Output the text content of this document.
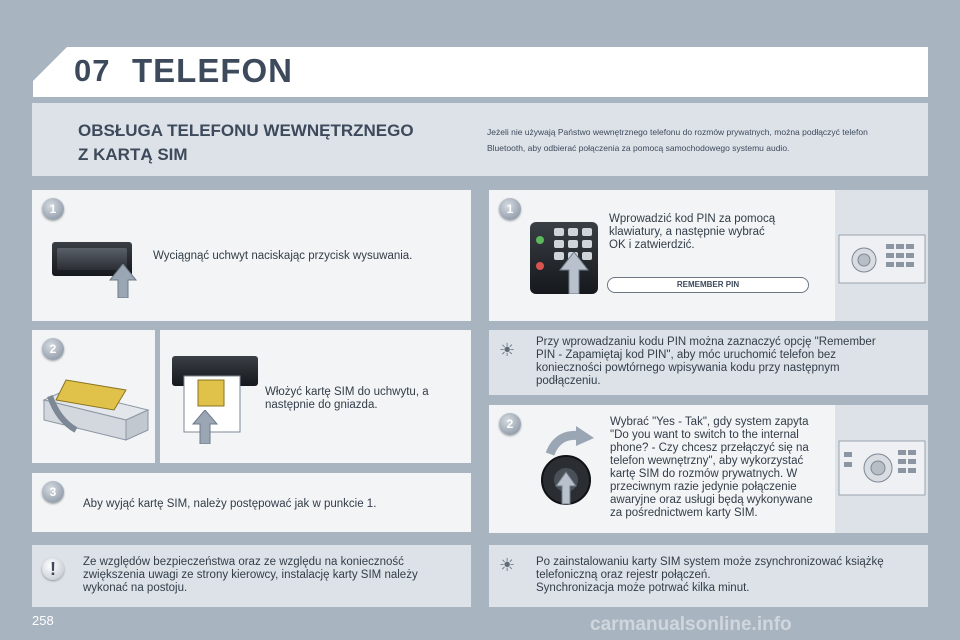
07 TELEFON
OBSŁUGA TELEFONU WEWNĘTRZNEGO
Z KARTĄ SIM
Jeżeli nie używają Państwo wewnętrznego telefonu do rozmów prywatnych, można podłączyć telefon
Bluetooth, aby odbierać połączenia za pomocą samochodowego systemu audio.
1
Wyciągnąć uchwyt naciskając przycisk wysuwania.
2
Włożyć kartę SIM do uchwytu, a
następnie do gniazda.
3
Aby wyjąć kartę SIM, należy postępować jak w punkcie 1.
!	Ze względów bezpieczeństwa oraz ze względu na konieczność
zwiększenia uwagi ze strony kierowcy, instalację karty SIM należy
wykonać na postoju.
1
Wprowadzić kod PIN za pomocą
klawiatury, a następnie wybrać
OK i zatwierdzić.
REMEMBER PIN
☀ Przy wprowadzaniu kodu PIN można zaznaczyć opcję "Remember
PIN - Zapamiętaj kod PIN", aby móc uruchomić telefon bez
konieczności powtórnego wpisywania kodu przy następnym
podłączeniu.
2	Wybrać "Yes - Tak", gdy system zapyta
"Do you want to switch to the internal
phone? - Czy chcesz przełączyć się na
telefon wewnętrzny", aby wykorzystać
kartę SIM do rozmów prywatnych. W
przeciwnym razie jedynie połączenie
awaryjne oraz usługi będą wykonywane
za pośrednictwem karty SIM.
☀ Po zainstalowaniu karty SIM system może zsynchronizować książkę
telefoniczną oraz rejestr połączeń.
Synchronizacja może potrwać kilka minut.
258	carmanualsonline.info
